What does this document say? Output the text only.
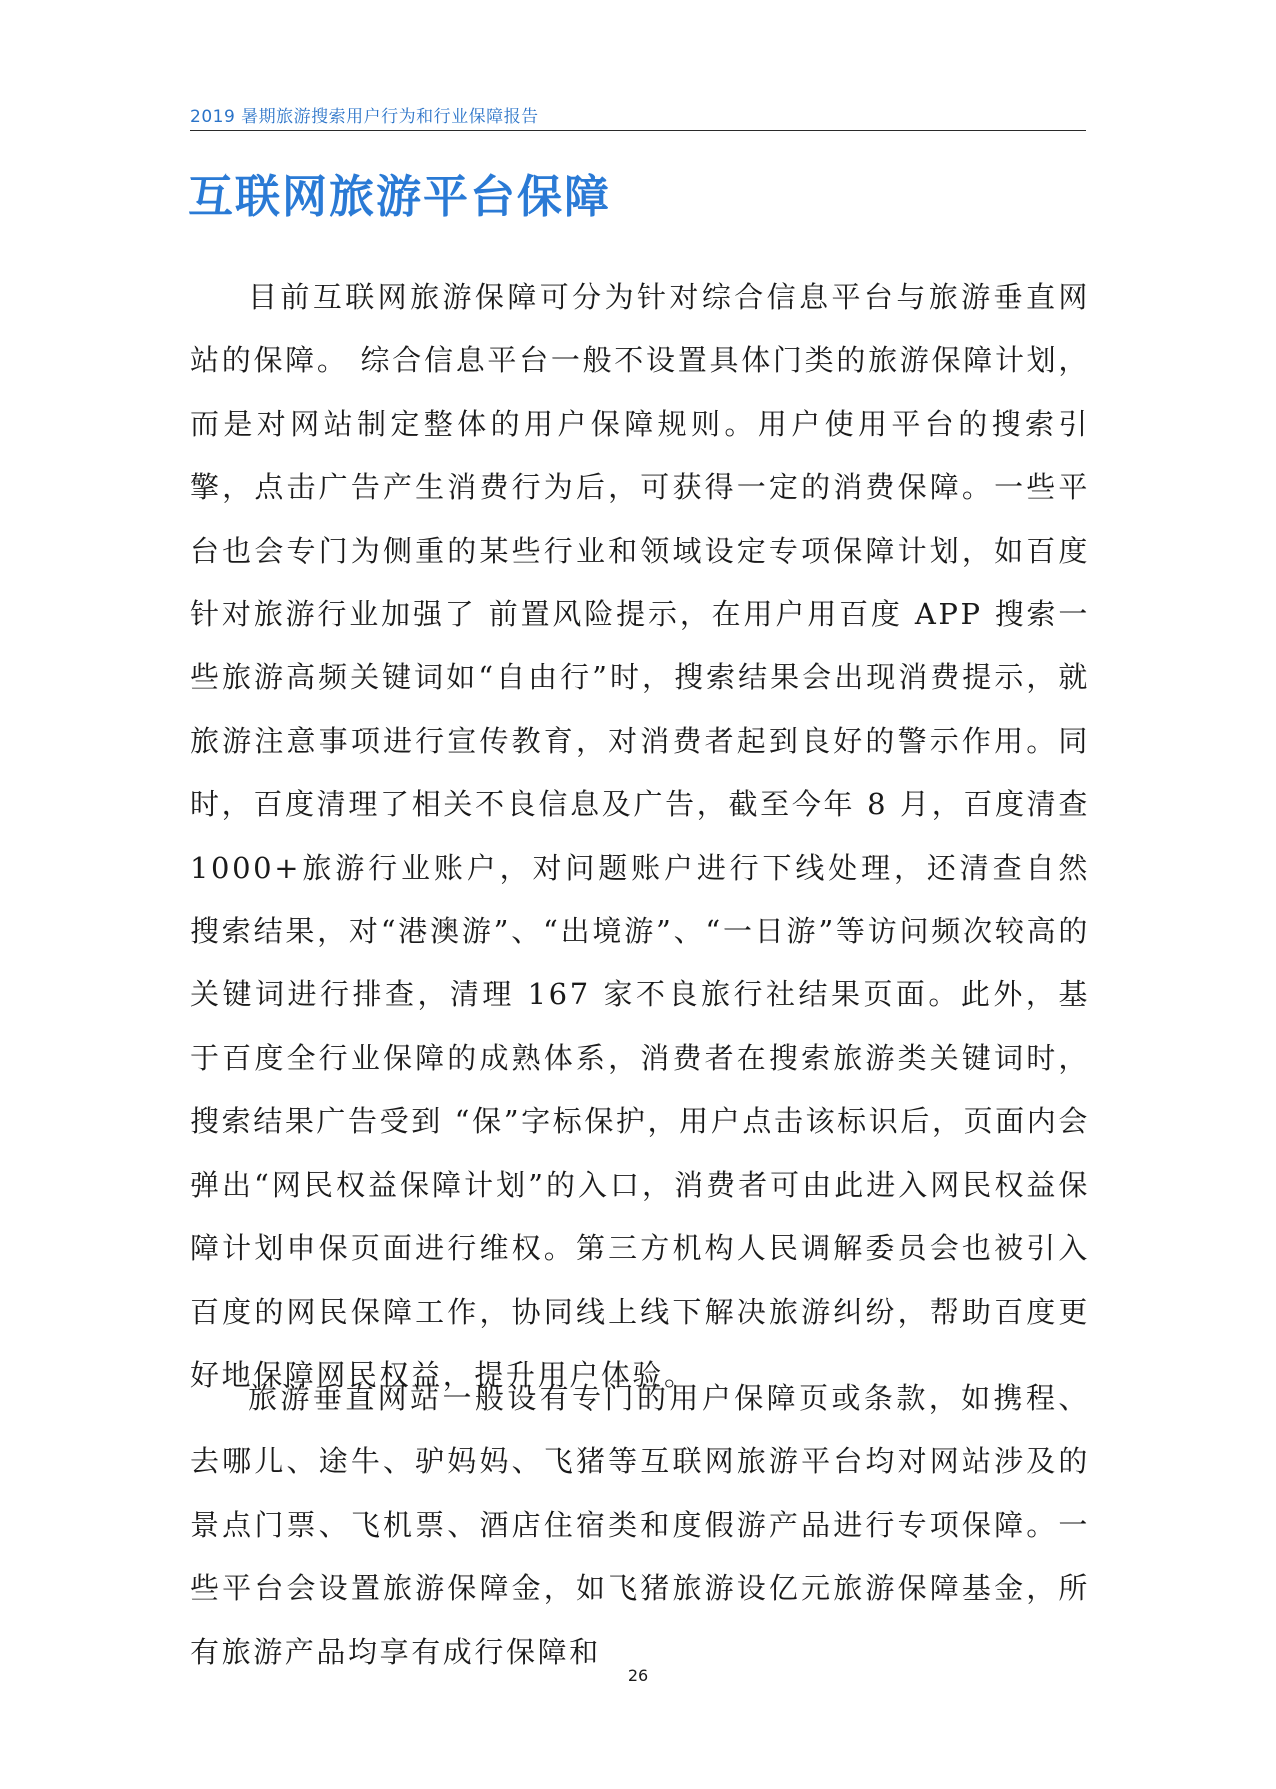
2019 暑期旅游搜索用户行为和行业保障报告
互联网旅游平台保障

目前互联网旅游保障可分为针对综合信息平台与旅游垂直网站的保障。 综合信息平台一般不设置具体门类的旅游保障计划，而是对网站制定整体的用户保障规则。用户使用平台的搜索引擎，点击广告产生消费行为后，可获得一定的消费保障。一些平台也会专门为侧重的某些行业和领域设定专项保障计划，如百度针对旅游行业加强了 前置风险提示，在用户用百度 APP 搜索一些旅游高频关键词如“自由行”时，搜索结果会出现消费提示，就旅游注意事项进行宣传教育，对消费者起到良好的警示作用。同时，百度清理了相关不良信息及广告，截至今年 8 月，百度清查 1000+旅游行业账户，对问题账户进行下线处理，还清查自然搜索结果，对“港澳游”、“出境游”、“一日游”等访问频次较高的关键词进行排查，清理 167 家不良旅行社结果页面。此外，基于百度全行业保障的成熟体系，消费者在搜索旅游类关键词时，搜索结果广告受到 “保”字标保护，用户点击该标识后，页面内会弹出“网民权益保障计划”的入口，消费者可由此进入网民权益保障计划申保页面进行维权。第三方机构人民调解委员会也被引入百度的网民保障工作，协同线上线下解决旅游纠纷，帮助百度更好地保障网民权益，提升用户体验。

旅游垂直网站一般设有专门的用户保障页或条款，如携程、去哪儿、途牛、驴妈妈、飞猪等互联网旅游平台均对网站涉及的景点门票、飞机票、酒店住宿类和度假游产品进行专项保障。一些平台会设置旅游保障金，如飞猪旅游设亿元旅游保障基金，所有旅游产品均享有成行保障和

26
